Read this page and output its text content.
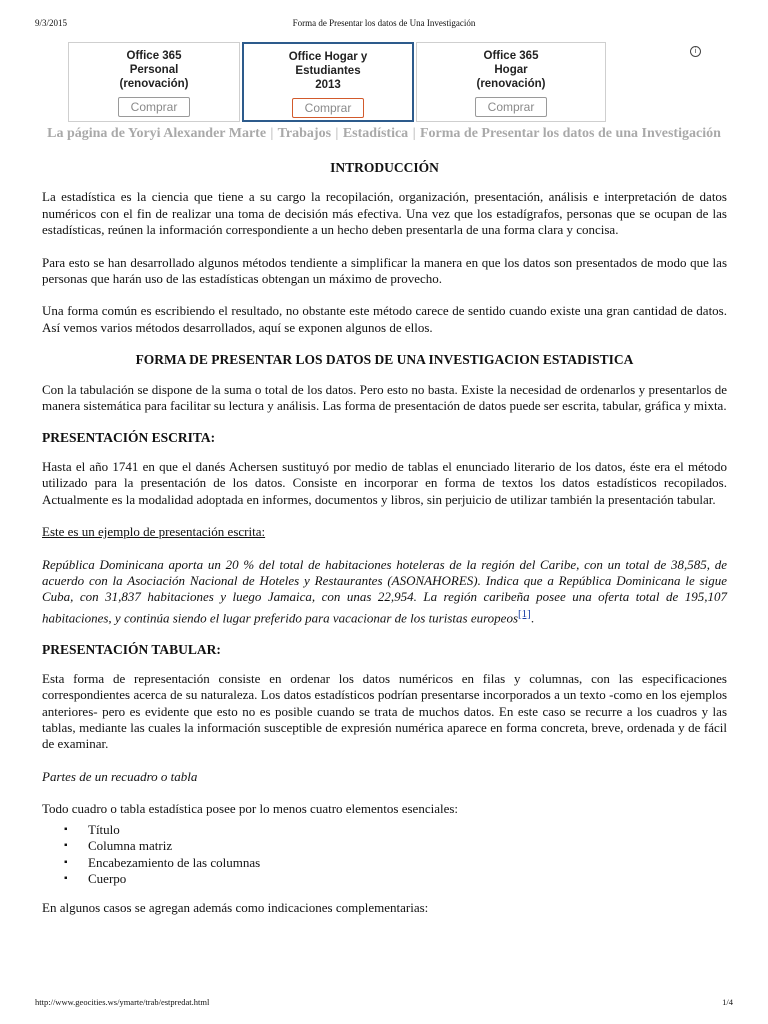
9/3/2015	Forma de Presentar los datos de Una Investigación
Office 365
Personal
(renovación)
Comprar
Office Hogar y
Estudiantes
2013
Comprar
Office 365
Hogar
(renovación)
Comprar
i
La página de Yoryi Alexander Marte | Trabajos | Estadística | Forma de Presentar los datos de una Investigación
INTRODUCCIÓN

La estadística es la ciencia que tiene a su cargo la recopilación, organización, presentación, análisis e interpretación de datos numéricos con el fin de realizar una toma de decisión más efectiva. Una vez que los estadígrafos, personas que se ocupan de las estadísticas, reúnen la información correspondiente a un hecho deben presentarla de una forma clara y concisa.

Para esto se han desarrollado algunos métodos tendiente a simplificar la manera en que los datos son presentados de modo que las personas que harán uso de las estadísticas obtengan un máximo de provecho.

Una forma común es escribiendo el resultado, no obstante este método carece de sentido cuando existe una gran cantidad de datos. Así vemos varios métodos desarrollados, aquí se exponen algunos de ellos.

FORMA DE PRESENTAR LOS DATOS DE UNA INVESTIGACION ESTADISTICA

Con la tabulación se dispone de la suma o total de los datos. Pero esto no basta. Existe la necesidad de ordenarlos y presentarlos de manera sistemática para facilitar su lectura y análisis. Las forma de presentación de datos puede ser escrita, tabular, gráfica y mixta.

PRESENTACIÓN ESCRITA:

Hasta el año 1741 en que el danés Achersen sustituyó por medio de tablas el enunciado literario de los datos, éste era el método utilizado para la presentación de los datos. Consiste en incorporar en forma de textos los datos estadísticos recopilados. Actualmente es la modalidad adoptada en informes, documentos y libros, sin perjuicio de utilizar también la presentación tabular.

Este es un ejemplo de presentación escrita:

República Dominicana aporta un 20 % del total de habitaciones hoteleras de la región del Caribe, con un total de 38,585, de acuerdo con la Asociación Nacional de Hoteles y Restaurantes (ASONAHORES). Indica que a República Dominicana le sigue Cuba, con 31,837 habitaciones y luego Jamaica, con unas 22,954. La región caribeña posee una oferta total de 195,107 habitaciones, y continúa siendo el lugar preferido para vacacionar de los turistas europeos[1].

PRESENTACIÓN TABULAR:

Esta forma de representación consiste en ordenar los datos numéricos en filas y columnas, con las especificaciones correspondientes acerca de su naturaleza. Los datos estadísticos podrían presentarse incorporados a un texto -como en los ejemplos anteriores- pero es evidente que esto no es posible cuando se trata de muchos datos. En este caso se recurre a los cuadros y las tablas, mediante las cuales la información susceptible de expresión numérica aparece en forma concreta, breve, ordenada y de fácil de examinar.

Partes de un recuadro o tabla

Todo cuadro o tabla estadística posee por lo menos cuatro elementos esenciales:

▪ Título
▪ Columna matriz
▪ Encabezamiento de las columnas
▪ Cuerpo

En algunos casos se agregan además como indicaciones complementarias:

http://www.geocities.ws/ymarte/trab/estpredat.html	1/4
